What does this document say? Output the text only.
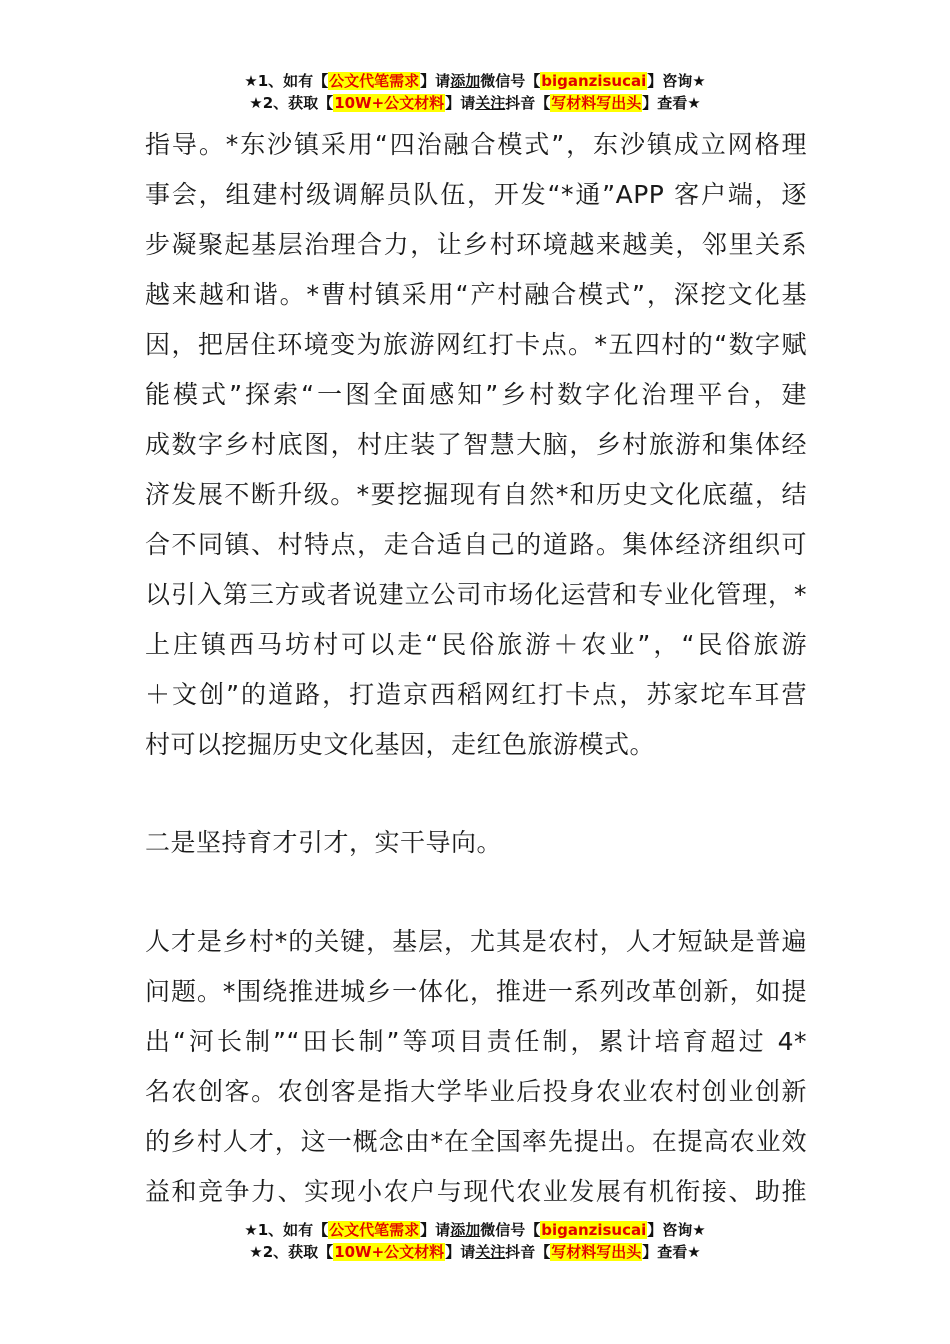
★1、如有【公文代笔需求】请添加微信号【biganzisucai】咨询★
★2、获取【10W+公文材料】请关注抖音【写材料写出头】查看★
指导。*东沙镇采用“四治融合模式”，东沙镇成立网格理
事会，组建村级调解员队伍，开发“*通”APP 客户端，逐
步凝聚起基层治理合力，让乡村环境越来越美，邻里关系
越来越和谐。*曹村镇采用“产村融合模式”，深挖文化基
因，把居住环境变为旅游网红打卡点。*五四村的“数字赋
能模式”探索“一图全面感知”乡村数字化治理平台，建
成数字乡村底图，村庄装了智慧大脑，乡村旅游和集体经
济发展不断升级。*要挖掘现有自然*和历史文化底蕴，结
合不同镇、村特点，走合适自己的道路。集体经济组织可
以引入第三方或者说建立公司市场化运营和专业化管理，*
上庄镇西马坊村可以走“民俗旅游＋农业”，“民俗旅游
＋文创”的道路，打造京西稻网红打卡点，苏家坨车耳营
村可以挖掘历史文化基因，走红色旅游模式。
二是坚持育才引才，实干导向。
人才是乡村*的关键，基层，尤其是农村，人才短缺是普遍
问题。*围绕推进城乡一体化，推进一系列改革创新，如提
出“河长制”“田长制”等项目责任制，累计培育超过 4*
名农创客。农创客是指大学毕业后投身农业农村创业创新
的乡村人才，这一概念由*在全国率先提出。在提高农业效
益和竞争力、实现小农户与现代农业发展有机衔接、助推
★1、如有【公文代笔需求】请添加微信号【biganzisucai】咨询★
★2、获取【10W+公文材料】请关注抖音【写材料写出头】查看★
